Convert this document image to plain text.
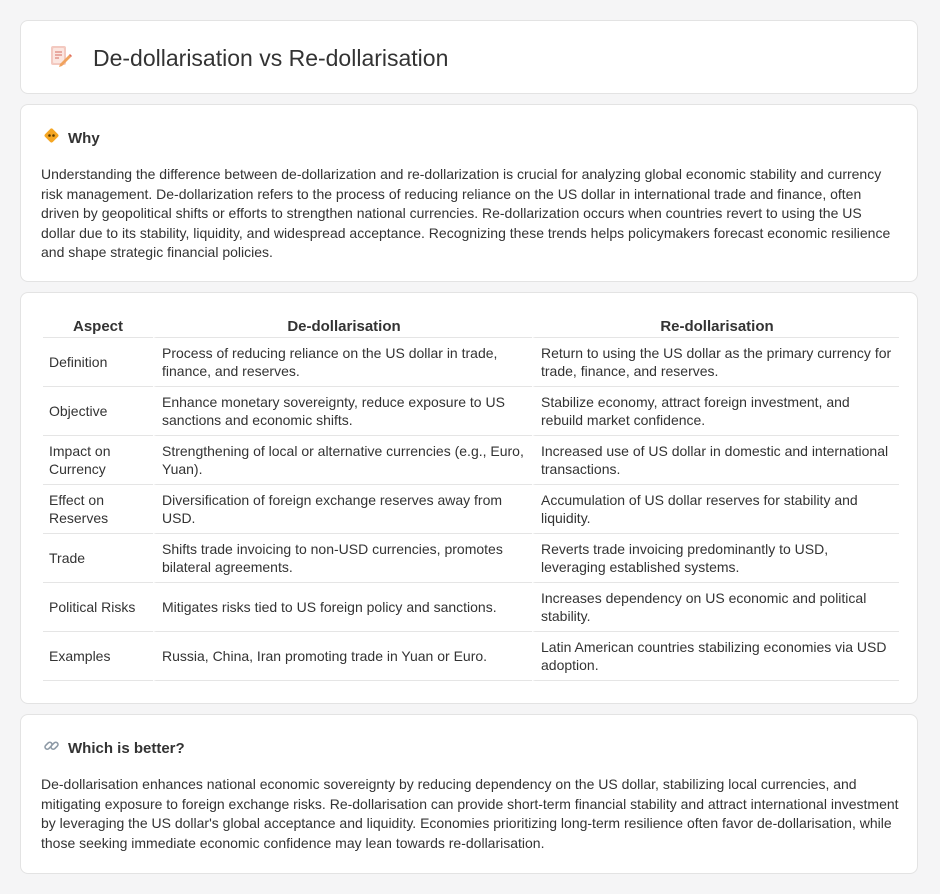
De-dollarisation vs Re-dollarisation
Why

Understanding the difference between de-dollarization and re-dollarization is crucial for analyzing global economic stability and currency risk management. De-dollarization refers to the process of reducing reliance on the US dollar in international trade and finance, often driven by geopolitical shifts or efforts to strengthen national currencies. Re-dollarization occurs when countries revert to using the US dollar due to its stability, liquidity, and widespread acceptance. Recognizing these trends helps policymakers forecast economic resilience and shape strategic financial policies.

Aspect	De-dollarisation	Re-dollarisation
Definition	Process of reducing reliance on the US dollar in trade, finance, and reserves.	Return to using the US dollar as the primary currency for trade, finance, and reserves.
Objective	Enhance monetary sovereignty, reduce exposure to US sanctions and economic shifts.	Stabilize economy, attract foreign investment, and rebuild market confidence.
Impact on Currency	Strengthening of local or alternative currencies (e.g., Euro, Yuan).	Increased use of US dollar in domestic and international transactions.
Effect on Reserves	Diversification of foreign exchange reserves away from USD.	Accumulation of US dollar reserves for stability and liquidity.
Trade	Shifts trade invoicing to non-USD currencies, promotes bilateral agreements.	Reverts trade invoicing predominantly to USD, leveraging established systems.
Political Risks	Mitigates risks tied to US foreign policy and sanctions.	Increases dependency on US economic and political stability.
Examples	Russia, China, Iran promoting trade in Yuan or Euro.	Latin American countries stabilizing economies via USD adoption.
Which is better?

De-dollarisation enhances national economic sovereignty by reducing dependency on the US dollar, stabilizing local currencies, and mitigating exposure to foreign exchange risks. Re-dollarisation can provide short-term financial stability and attract international investment by leveraging the US dollar's global acceptance and liquidity. Economies prioritizing long-term resilience often favor de-dollarisation, while those seeking immediate economic confidence may lean towards re-dollarisation.
